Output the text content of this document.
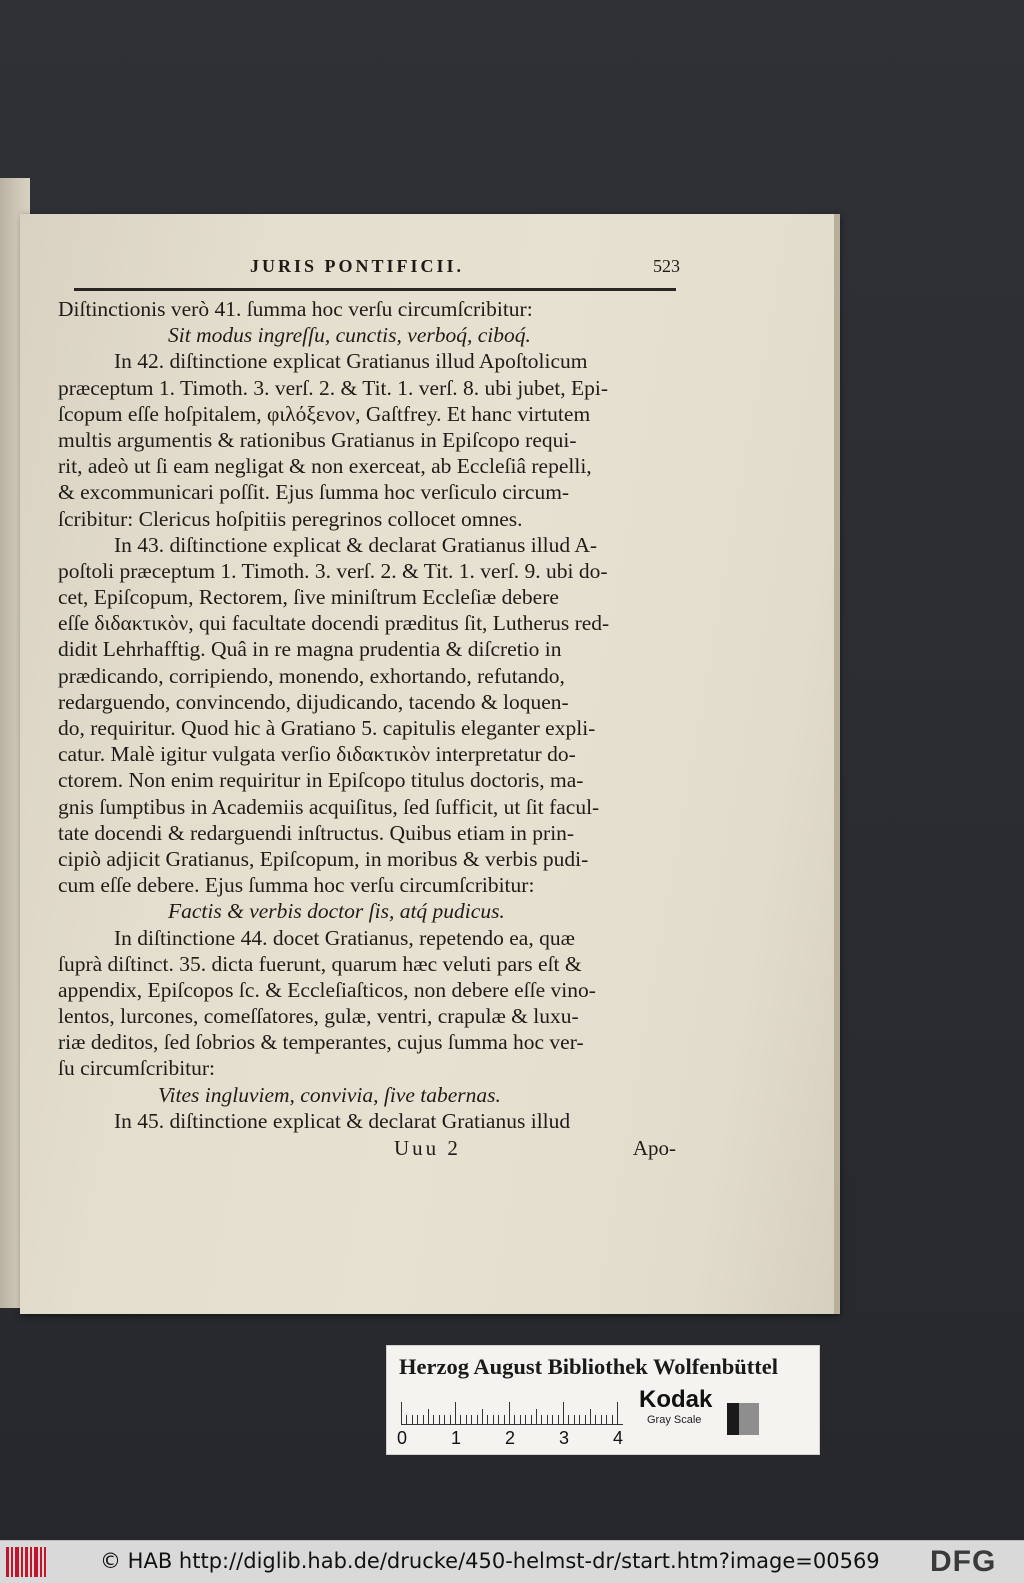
JURIS PONTIFICII.	523
Diſtinctionis verò 41. ſumma hoc verſu circumſcribitur:
Sit modus ingreſſu, cunctis, verboq́, ciboq́.
In 42. diſtinctione explicat Gratianus illud Apoſtolicum
præceptum 1. Timoth. 3. verſ. 2. & Tit. 1. verſ. 8. ubi jubet, Epi-
ſcopum eſſe hoſpitalem, φιλόξενον, Gaſtfrey. Et hanc virtutem
multis argumentis & rationibus Gratianus in Epiſcopo requi-
rit, adeò ut ſi eam negligat & non exerceat, ab Eccleſiâ repelli,
& excommunicari poſſit. Ejus ſumma hoc verſiculo circum-
ſcribitur: Clericus hoſpitiis peregrinos collocet omnes.
In 43. diſtinctione explicat & declarat Gratianus illud A-
poſtoli præceptum 1. Timoth. 3. verſ. 2. & Tit. 1. verſ. 9. ubi do-
cet, Epiſcopum, Rectorem, ſive miniſtrum Eccleſiæ debere
eſſe διδακτικὸν, qui facultate docendi præditus ſit, Lutherus red-
didit Lehrhafftig. Quâ in re magna prudentia & diſcretio in
prædicando, corripiendo, monendo, exhortando, refutando,
redarguendo, convincendo, dijudicando, tacendo & loquen-
do, requiritur. Quod hic à Gratiano 5. capitulis eleganter expli-
catur. Malè igitur vulgata verſio διδακτικὸν interpretatur do-
ctorem. Non enim requiritur in Epiſcopo titulus doctoris, ma-
gnis ſumptibus in Academiis acquiſitus, ſed ſufficit, ut ſit facul-
tate docendi & redarguendi inſtructus. Quibus etiam in prin-
cipiò adjicit Gratianus, Epiſcopum, in moribus & verbis pudi-
cum eſſe debere. Ejus ſumma hoc verſu circumſcribitur:
Factis & verbis doctor ſis, atq́ pudicus.
In diſtinctione 44. docet Gratianus, repetendo ea, quæ
ſuprà diſtinct. 35. dicta fuerunt, quarum hæc veluti pars eſt &
appendix, Epiſcopos ſc. & Eccleſiaſticos, non debere eſſe vino-
lentos, lurcones, comeſſatores, gulæ, ventri, crapulæ & luxu-
riæ deditos, ſed ſobrios & temperantes, cujus ſumma hoc ver-
ſu circumſcribitur:
Vites ingluviem, convivia, ſive tabernas.
In 45. diſtinctione explicat & declarat Gratianus illud
Uuu 2	Apo-
Herzog August Bibliothek Wolfenbüttel
0 1 2 3 4
Kodak
Gray Scale
© HAB http://diglib.hab.de/drucke/450-helmst-dr/start.htm?image=00569 DFG
